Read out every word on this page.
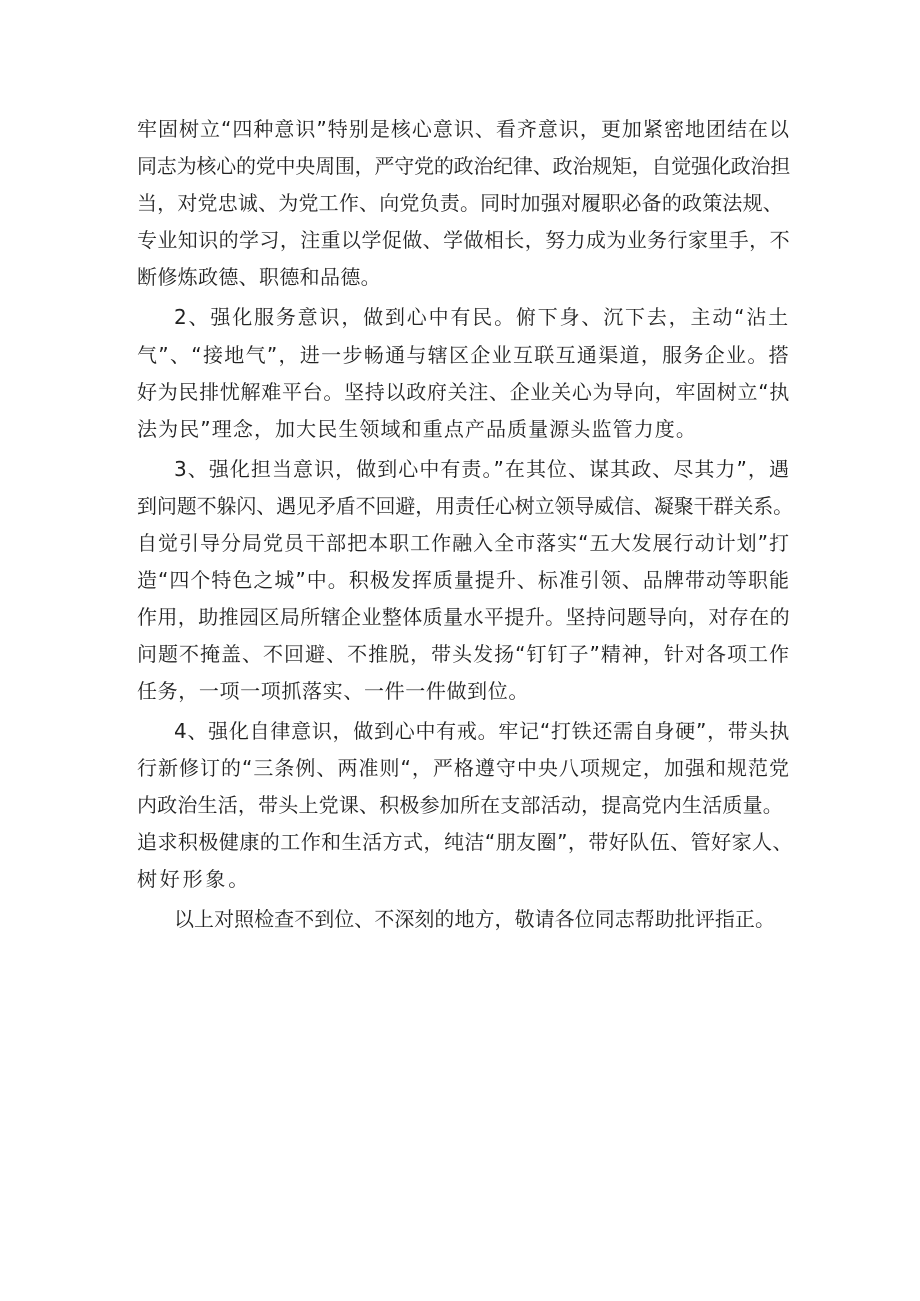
牢固树立“四种意识”特别是核心意识、看齐意识，更加紧密地团结在以
同志为核心的党中央周围，严守党的政治纪律、政治规矩，自觉强化政治担
当，对党忠诚、为党工作、向党负责。同时加强对履职必备的政策法规、
专业知识的学习，注重以学促做、学做相长，努力成为业务行家里手，不
断修炼政德、职德和品德。
2、强化服务意识，做到心中有民。俯下身、沉下去，主动“沾土
气”、“接地气”，进一步畅通与辖区企业互联互通渠道，服务企业。搭
好为民排忧解难平台。坚持以政府关注、企业关心为导向，牢固树立“执
法为民”理念，加大民生领域和重点产品质量源头监管力度。
3、强化担当意识，做到心中有责。”在其位、谋其政、尽其力”，遇
到问题不躲闪、遇见矛盾不回避，用责任心树立领导威信、凝聚干群关系。
自觉引导分局党员干部把本职工作融入全市落实“五大发展行动计划”打
造“四个特色之城”中。积极发挥质量提升、标准引领、品牌带动等职能
作用，助推园区局所辖企业整体质量水平提升。坚持问题导向，对存在的
问题不掩盖、不回避、不推脱，带头发扬“钉钉子”精神，针对各项工作
任务，一项一项抓落实、一件一件做到位。
4、强化自律意识，做到心中有戒。牢记“打铁还需自身硬”，带头执
行新修订的“三条例、两准则“，严格遵守中央八项规定，加强和规范党
内政治生活，带头上党课、积极参加所在支部活动，提高党内生活质量。
追求积极健康的工作和生活方式，纯洁“朋友圈”，带好队伍、管好家人、
树好形象。
以上对照检查不到位、不深刻的地方，敬请各位同志帮助批评指正。
